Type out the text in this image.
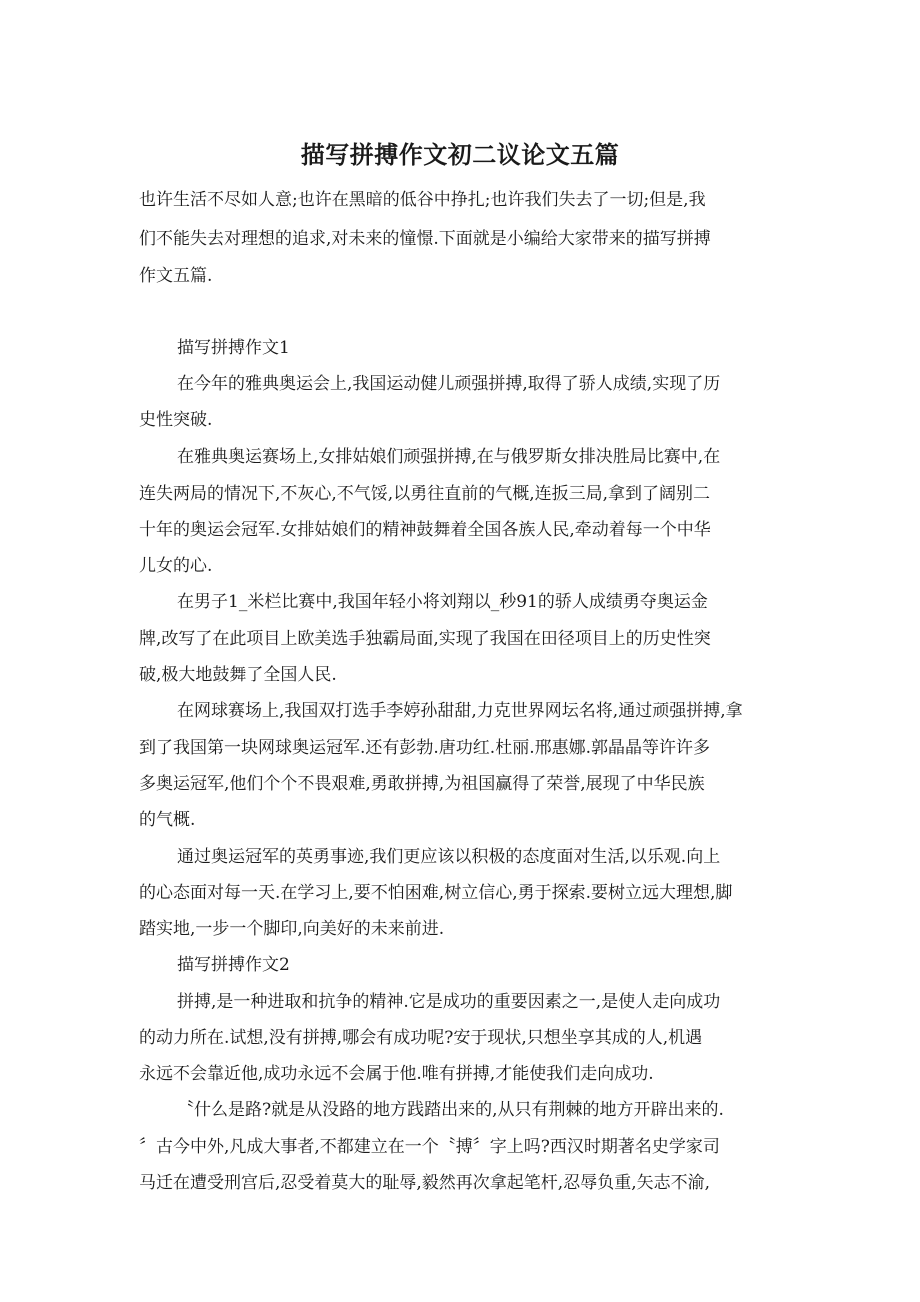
描写拼搏作文初二议论文五篇
也许生活不尽如人意;也许在黑暗的低谷中挣扎;也许我们失去了一切;但是,我
们不能失去对理想的追求,对未来的憧憬.下面就是小编给大家带来的描写拼搏
作文五篇.
描写拼搏作文1
在今年的雅典奥运会上,我国运动健儿顽强拼搏,取得了骄人成绩,实现了历
史性突破.
在雅典奥运赛场上,女排姑娘们顽强拼搏,在与俄罗斯女排决胜局比赛中,在
连失两局的情况下,不灰心,不气馁,以勇往直前的气概,连扳三局,拿到了阔别二
十年的奥运会冠军.女排姑娘们的精神鼓舞着全国各族人民,牵动着每一个中华
儿女的心.
在男子1_米栏比赛中,我国年轻小将刘翔以_秒91的骄人成绩勇夺奥运金
牌,改写了在此项目上欧美选手独霸局面,实现了我国在田径项目上的历史性突
破,极大地鼓舞了全国人民.
在网球赛场上,我国双打选手李婷孙甜甜,力克世界网坛名将,通过顽强拼搏,拿
到了我国第一块网球奥运冠军.还有彭勃.唐功红.杜丽.邢惠娜.郭晶晶等许许多
多奥运冠军,他们个个不畏艰难,勇敢拼搏,为祖国赢得了荣誉,展现了中华民族
的气概.
通过奥运冠军的英勇事迹,我们更应该以积极的态度面对生活,以乐观.向上
的心态面对每一天.在学习上,要不怕困难,树立信心,勇于探索.要树立远大理想,脚
踏实地,一步一个脚印,向美好的未来前进.
描写拼搏作文2
拼搏,是一种进取和抗争的精神.它是成功的重要因素之一,是使人走向成功
的动力所在.试想,没有拼搏,哪会有成功呢?安于现状,只想坐享其成的人,机遇
永远不会靠近他,成功永远不会属于他.唯有拼搏,才能使我们走向成功.
〝什么是路?就是从没路的地方践踏出来的,从只有荆棘的地方开辟出来的.
〞古今中外,凡成大事者,不都建立在一个〝搏〞字上吗?西汉时期著名史学家司
马迁在遭受刑宫后,忍受着莫大的耻辱,毅然再次拿起笔杆,忍辱负重,矢志不渝,
